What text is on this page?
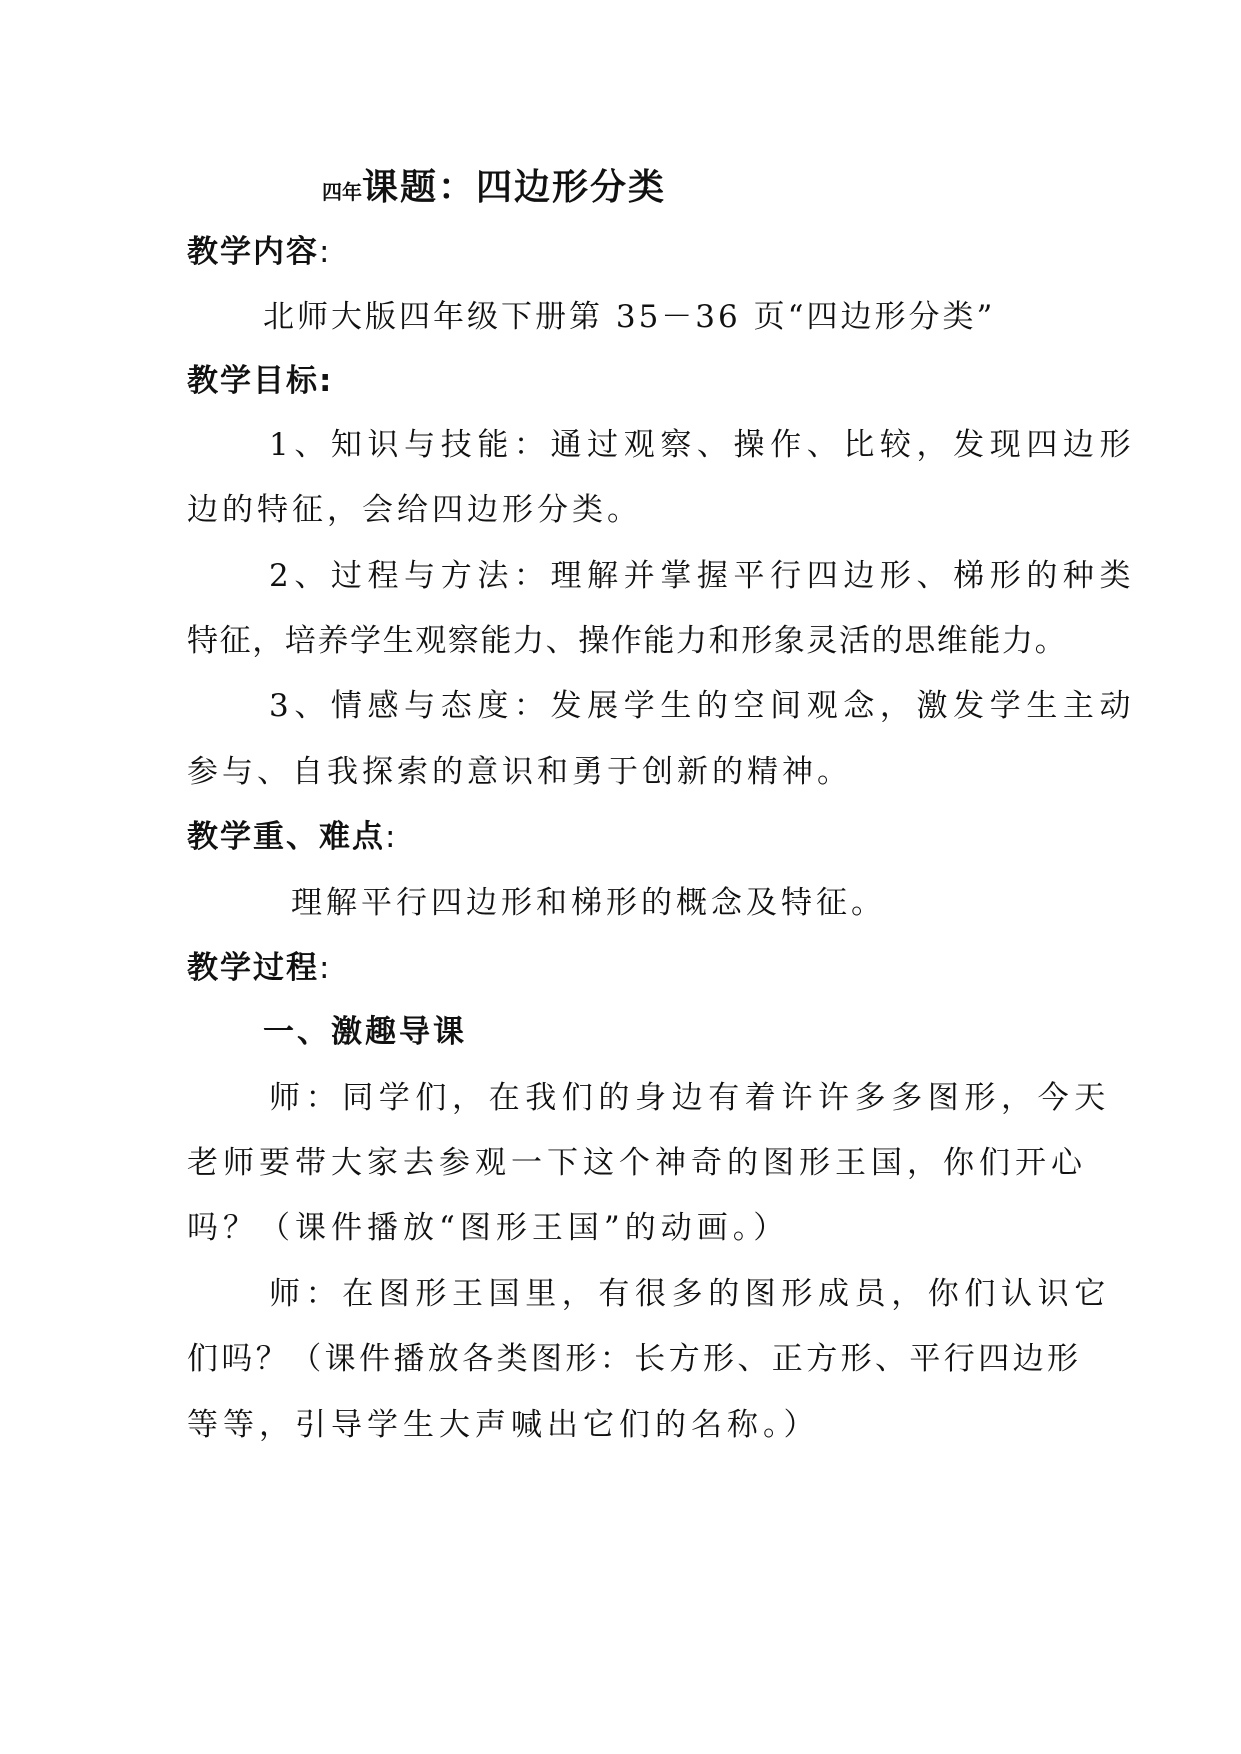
四年课题：四边形分类
教学内容:
北师大版四年级下册第 35－36 页“四边形分类”
教学目标:
1、知识与技能：通过观察、操作、比较，发现四边形
边的特征，会给四边形分类。
2、过程与方法：理解并掌握平行四边形、梯形的种类
特征，培养学生观察能力、操作能力和形象灵活的思维能力。
3、情感与态度：发展学生的空间观念，激发学生主动
参与、自我探索的意识和勇于创新的精神。
教学重、难点:
理解平行四边形和梯形的概念及特征。
教学过程:
一、激趣导课
师：同学们，在我们的身边有着许许多多图形，今天
老师要带大家去参观一下这个神奇的图形王国，你们开心
吗？（课件播放“图形王国”的动画。）
师：在图形王国里，有很多的图形成员，你们认识它
们吗？（课件播放各类图形：长方形、正方形、平行四边形
等等，引导学生大声喊出它们的名称。）
